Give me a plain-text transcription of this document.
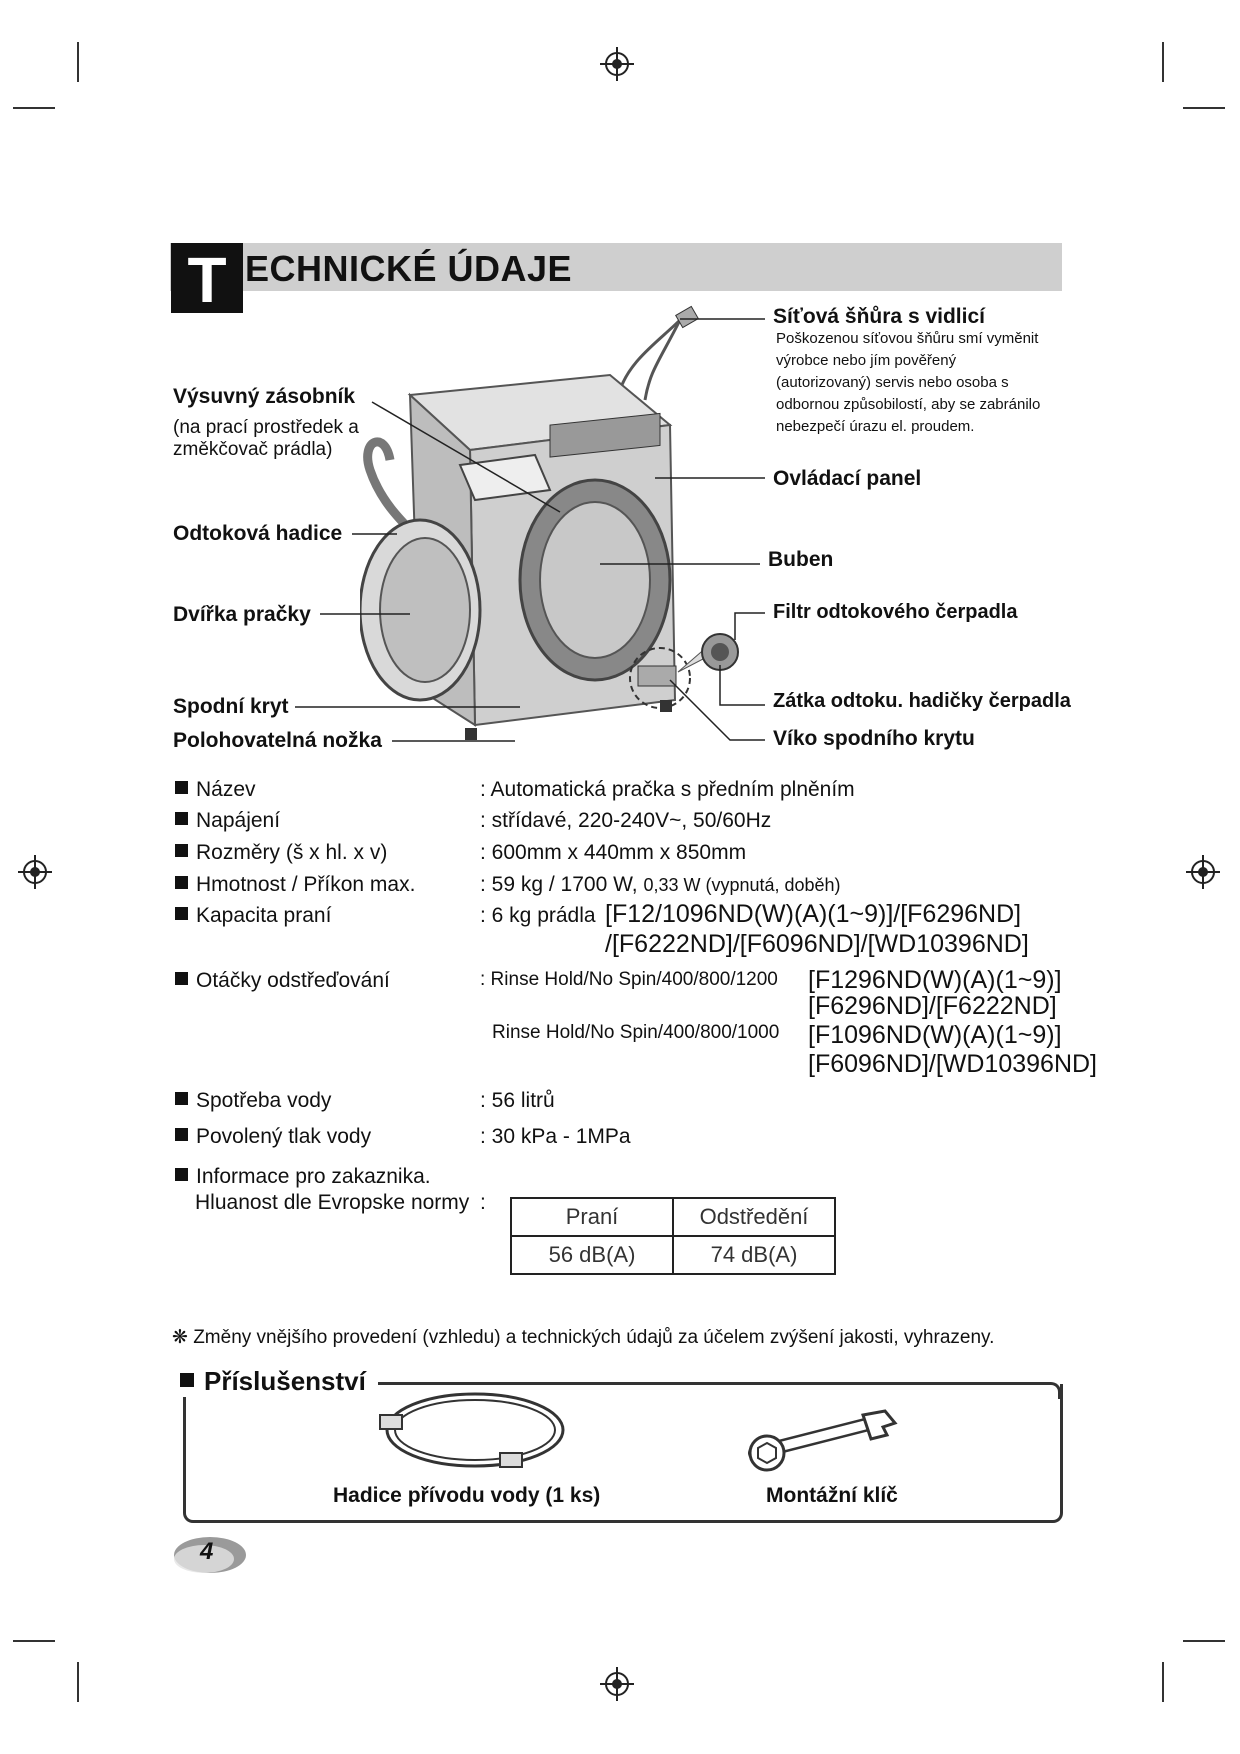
T ECHNICKÉ ÚDAJE
Výsuvný zásobník
(na prací prostředek a
změkčovač prádla)
Odtoková hadice
Dvířka pračky
Spodní kryt
Polohovatelná nožka
Síťová šňůra s vidlicí
Poškozenou síťovou šňůru smí vyměnit
výrobce nebo jím pověřený
(autorizovaný) servis nebo osoba s
odbornou způsobilostí, aby se zabránilo
nebezpečí úrazu el. proudem.
Ovládací panel
Buben
Filtr odtokového čerpadla
Zátka odtoku. hadičky čerpadla
Víko spodního krytu
Název	: Automatická pračka s předním plněním
Napájení	: střídavé, 220-240V~, 50/60Hz
Rozměry (š x hl. x v)	: 600mm x 440mm x 850mm
Hmotnost / Příkon max.	: 59 kg / 1700 W, 0,33 W (vypnutá, doběh)
Kapacita praní	: 6 kg prádla [F12/1096ND(W)(A)(1~9)]/[F6296ND]
/[F6222ND]/[F6096ND]/[WD10396ND]
Otáčky odstřeďování	: Rinse Hold/No Spin/400/800/1200 [F1296ND(W)(A)(1~9)]
[F6296ND]/[F6222ND]
Rinse Hold/No Spin/400/800/1000 [F1096ND(W)(A)(1~9)]
[F6096ND]/[WD10396ND]
Spotřeba vody	: 56 litrů
Povolený tlak vody	: 30 kPa - 1MPa
Informace pro zakaznika.
Hluanost dle Evropske normy :
Praní	Odstředění
56 dB(A)	74 dB(A)
❋ Změny vnějšího provedení (vzhledu) a technických údajů za účelem zvýšení jakosti, vyhrazeny.
Příslušenství
Hadice přívodu vody (1 ks)	Montážní klíč
4
